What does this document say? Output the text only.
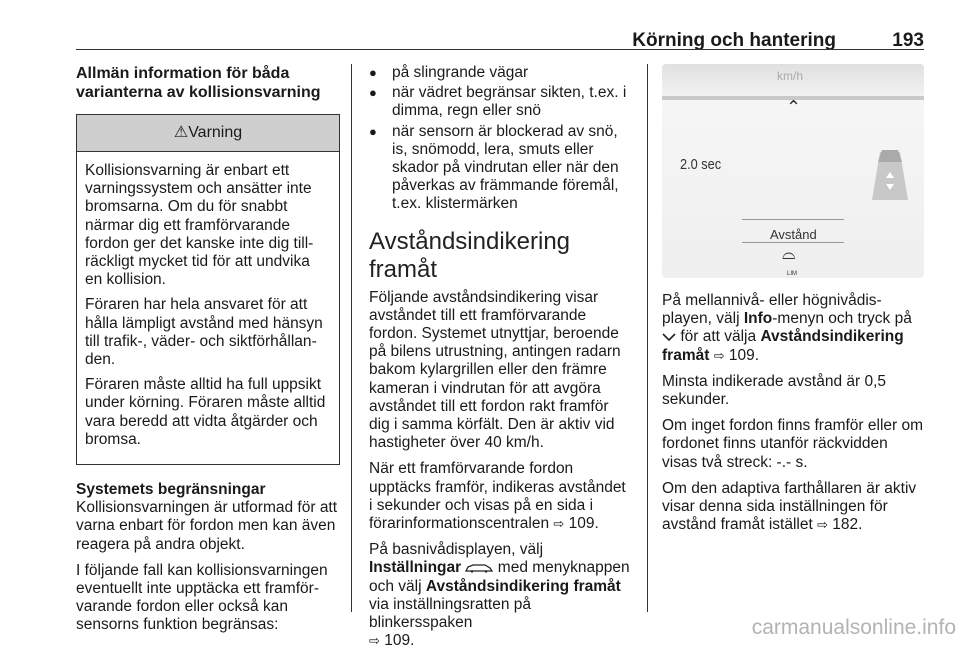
Körning och hantering	193
Allmän information för båda varianterna av kollisionsvarning
⚠Varning

Kollisionsvarning är enbart ett varningssystem och ansätter inte bromsarna. Om du för snabbt närmar dig ett framförvarande fordon ger det kanske inte dig tillräckligt mycket tid för att undvika en kollision.

Föraren har hela ansvaret för att hålla lämpligt avstånd med hänsyn till trafik-, väder- och siktförhållanden.

Föraren måste alltid ha full uppsikt under körning. Föraren måste alltid vara beredd att vidta åtgärder och bromsa.

Systemets begränsningar

Kollisionsvarningen är utformad för att varna enbart för fordon men kan även reagera på andra objekt.

I följande fall kan kollisionsvarningen eventuellt inte upptäcka ett framförvarande fordon eller också kan sensorns funktion begränsas:

● på slingrande vägar
● när vädret begränsar sikten, t.ex. i dimma, regn eller snö
● när sensorn är blockerad av snö, is, snömodd, lera, smuts eller skador på vindrutan eller när den påverkas av främmande föremål, t.ex. klistermärken
Avståndsindikering framåt

Följande avståndsindikering visar avståndet till ett framförvarande fordon. Systemet utnyttjar, beroende på bilens utrustning, antingen radarn bakom kylargrillen eller den främre kameran i vindrutan för att avgöra avståndet till ett fordon rakt framför dig i samma körfält. Den är aktiv vid hastigheter över 40 km/h.

När ett framförvarande fordon upptäcks framför, indikeras avståndet i sekunder och visas på en sida i förarinformationscentralen ⇨ 109.

På basnivådisplayen, välj
Inställningar med menyknappen och välj Avståndsindikering framåt via inställningsratten på blinkersspaken
⇨ 109.

km/h
⌃
2.0 sec
Avstånd
⌓
LIM

På mellannivå- eller högnivådisplayen, välj Info-menyn och tryck på
för att välja Avståndsindikering framåt ⇨ 109.

Minsta indikerade avstånd är 0,5 sekunder.

Om inget fordon finns framför eller om fordonet finns utanför räckvidden visas två streck: -.- s.

Om den adaptiva farthållaren är aktiv visar denna sida inställningen för avstånd framåt istället ⇨ 182.

carmanualsonline.info
